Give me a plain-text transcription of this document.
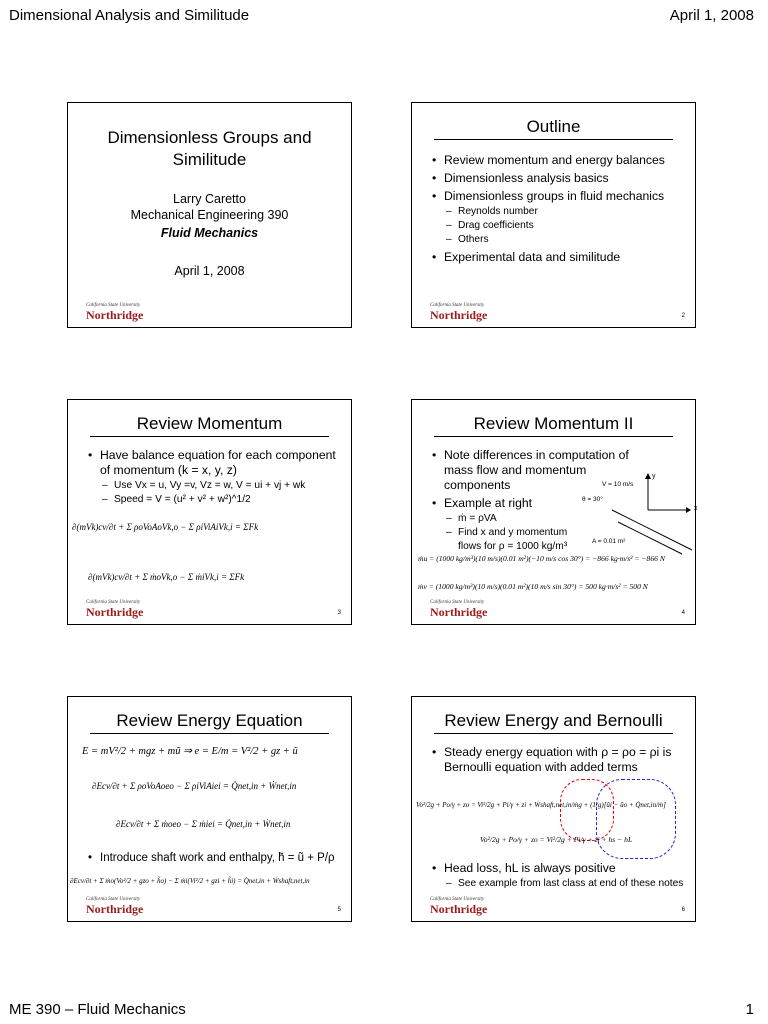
Dimensional Analysis and Similitude	April 1, 2008
Dimensionless Groups and
Similitude
Larry Caretto
Mechanical Engineering 390
Fluid Mechanics
April 1, 2008
California State University
Northridge
Outline
• Review momentum and energy balances
• Dimensionless analysis basics
• Dimensionless groups in fluid mechanics
– Reynolds number
– Drag coefficients
– Others
• Experimental data and similitude
California State University
Northridge	2
Review Momentum
• Have balance equation for each component of momentum (k = x, y, z)
– Use Vx = u, Vy =v, Vz = w, V = ui + vj + wk
– Speed = V = (u² + v² + w²)^1/2
∂(mVk)cv/∂t + Σ ρoVoAoVk,o − Σ ρiViAiVk,i = ΣFk
∂(mVk)cv/∂t + Σ ṁoVk,o − Σ ṁiVk,i = ΣFk
California State University
Northridge	3
Review Momentum II
• Note differences in computation of mass flow and momentum components
• Example at right
– ṁ = ρVA
– Find x and y momentum flows for ρ = 1000 kg/m³
x
y
V = 10 m/s
θ = 30°
A = 0.01 m²
ṁu = (1000 kg/m³)(10 m/s)(0.01 m²)(−10 m/s cos 30°) = −866 kg·m/s² = −866 N
ṁv = (1000 kg/m³)(10 m/s)(0.01 m²)(10 m/s sin 30°) = 500 kg·m/s² = 500 N
California State University
Northridge	4
Review Energy Equation
E = mV²/2 + mgz + mũ ⇒ e = E/m = V²/2 + gz + ũ
∂Ecv/∂t + Σ ρoVoAoeo − Σ ρiViAiei = Q̇net,in + Ẇnet,in
∂Ecv/∂t + Σ ṁoeo − Σ ṁiei = Q̇net,in + Ẇnet,in
• Introduce shaft work and enthalpy, h̃ = ũ + P/ρ
∂Ecv/∂t + Σ ṁo(Vo²/2 + gzo + h̃o) − Σ ṁi(Vi²/2 + gzi + h̃i) = Q̇net,in + Ẇshaft,net,in
California State University
Northridge	5
Review Energy and Bernoulli
• Steady energy equation with ρ = ρo = ρi is Bernoulli equation with added terms
Vo²/2g + Po/γ + zo = Vi²/2g + Pi/γ + zi + Ẇshaft,net,in/ṁg + (1/g)[ũi − ũo + Q̇net,in/ṁ]
Vo²/2g + Po/γ + zo = Vi²/2g + Pi/γ + zi + hs − hL
• Head loss, hL is always positive
– See example from last class at end of these notes
California State University
Northridge	6
ME 390 – Fluid Mechanics	1
